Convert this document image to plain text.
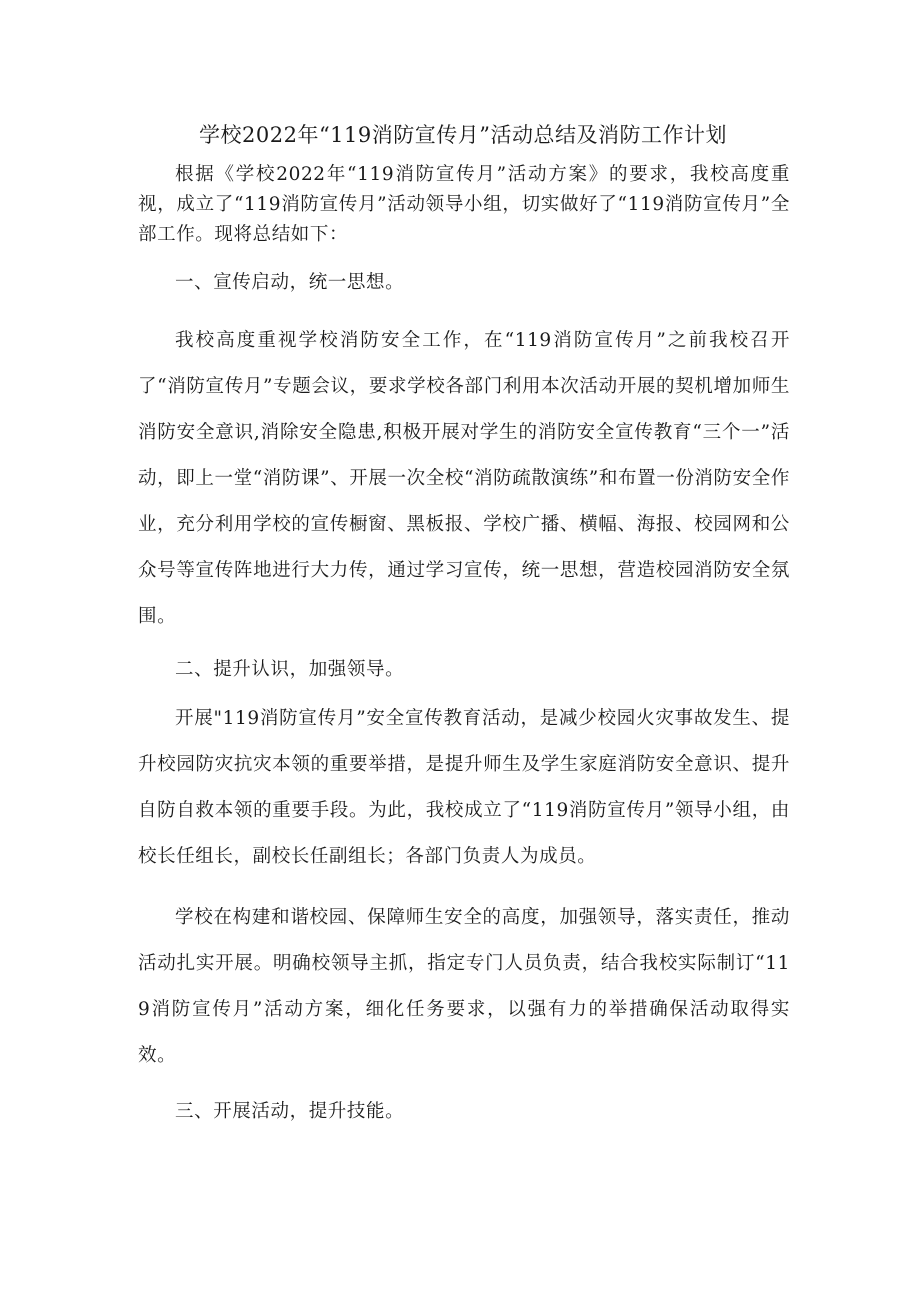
学校2022年“119消防宣传月”活动总结及消防工作计划

根据《学校2022年“119消防宣传月”活动方案》的要求，我校高度重视，成立了“119消防宣传月”活动领导小组，切实做好了“119消防宣传月”全部工作。现将总结如下：

一、宣传启动，统一思想。

我校高度重视学校消防安全工作，在“119消防宣传月”之前我校召开了“消防宣传月”专题会议，要求学校各部门利用本次活动开展的契机增加师生消防安全意识,消除安全隐患,积极开展对学生的消防安全宣传教育“三个一”活动，即上一堂“消防课”、开展一次全校“消防疏散演练”和布置一份消防安全作业，充分利用学校的宣传橱窗、黑板报、学校广播、横幅、海报、校园网和公众号等宣传阵地进行大力传，通过学习宣传，统一思想，营造校园消防安全氛围。

二、提升认识，加强领导。

开展"119消防宣传月”安全宣传教育活动，是减少校园火灾事故发生、提升校园防灾抗灾本领的重要举措，是提升师生及学生家庭消防安全意识、提升自防自救本领的重要手段。为此，我校成立了“119消防宣传月”领导小组，由校长任组长，副校长任副组长；各部门负责人为成员。

学校在构建和谐校园、保障师生安全的高度，加强领导，落实责任，推动活动扎实开展。明确校领导主抓，指定专门人员负责，结合我校实际制订“119消防宣传月”活动方案，细化任务要求，以强有力的举措确保活动取得实效。

三、开展活动，提升技能。
